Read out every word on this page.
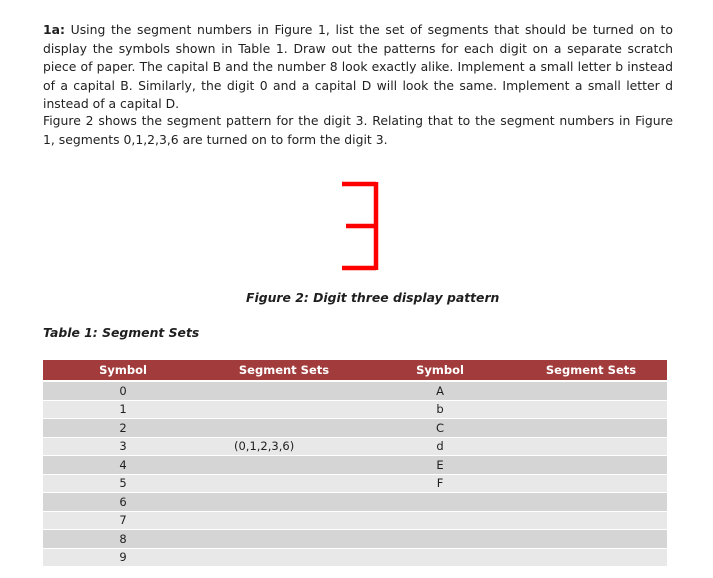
1a: Using the segment numbers in Figure 1, list the set of segments that should be turned on to display the symbols shown in Table 1. Draw out the patterns for each digit on a separate scratch piece of paper. The capital B and the number 8 look exactly alike. Implement a small letter b instead of a capital B. Similarly, the digit 0 and a capital D will look the same. Implement a small letter d instead of a capital D.

Figure 2 shows the segment pattern for the digit 3. Relating that to the segment numbers in Figure 1, segments 0,1,2,3,6 are turned on to form the digit 3.

Figure 2: Digit three display pattern

Table 1: Segment Sets

Symbol	Segment Sets	Symbol	Segment Sets
0		A	
1		b	
2		C	
3	(0,1,2,3,6)	d	
4		E	
5		F	
6			
7			
8			
9			
